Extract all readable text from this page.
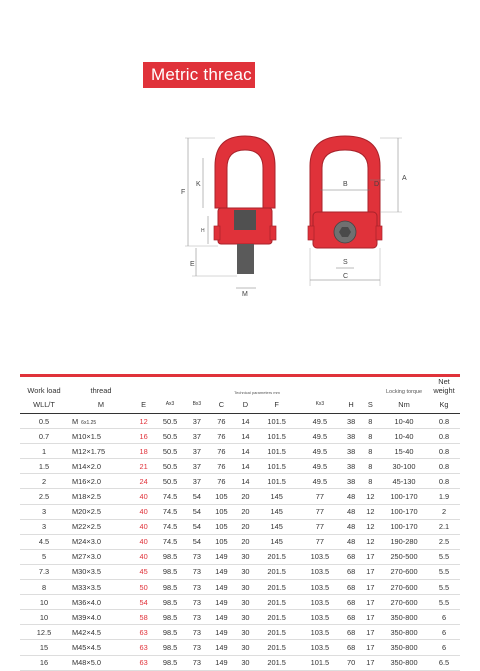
Metric threac
F
K
H
E
M
B	D
A
S
C
Work load	thread	Technical parameters mm									Locking torque	Net weight
WLL/T	M	E	Ax3	Bx3	C	D	F	Kx3	H	S	Nm	Kg
0.5	M 6x1.25	12	50.5	37	76	14	101.5	49.5	38	8	10-40	0.8
0.7	M10×1.5	16	50.5	37	76	14	101.5	49.5	38	8	10-40	0.8
1	M12×1.75	18	50.5	37	76	14	101.5	49.5	38	8	15-40	0.8
1.5	M14×2.0	21	50.5	37	76	14	101.5	49.5	38	8	30-100	0.8
2	M16×2.0	24	50.5	37	76	14	101.5	49.5	38	8	45-130	0.8
2.5	M18×2.5	40	74.5	54	105	20	145	77	48	12	100-170	1.9
3	M20×2.5	40	74.5	54	105	20	145	77	48	12	100-170	2
3	M22×2.5	40	74.5	54	105	20	145	77	48	12	100-170	2.1
4.5	M24×3.0	40	74.5	54	105	20	145	77	48	12	190-280	2.5
5	M27×3.0	40	98.5	73	149	30	201.5	103.5	68	17	250-500	5.5
7.3	M30×3.5	45	98.5	73	149	30	201.5	103.5	68	17	270-600	5.5
8	M33×3.5	50	98.5	73	149	30	201.5	103.5	68	17	270-600	5.5
10	M36×4.0	54	98.5	73	149	30	201.5	103.5	68	17	270-600	5.5
10	M39×4.0	58	98.5	73	149	30	201.5	103.5	68	17	350-800	6
12.5	M42×4.5	63	98.5	73	149	30	201.5	103.5	68	17	350-800	6
15	M45×4.5	63	98.5	73	149	30	201.5	103.5	68	17	350-800	6
16	M48×5.0	63	98.5	73	149	30	201.5	101.5	70	17	350-800	6.5
